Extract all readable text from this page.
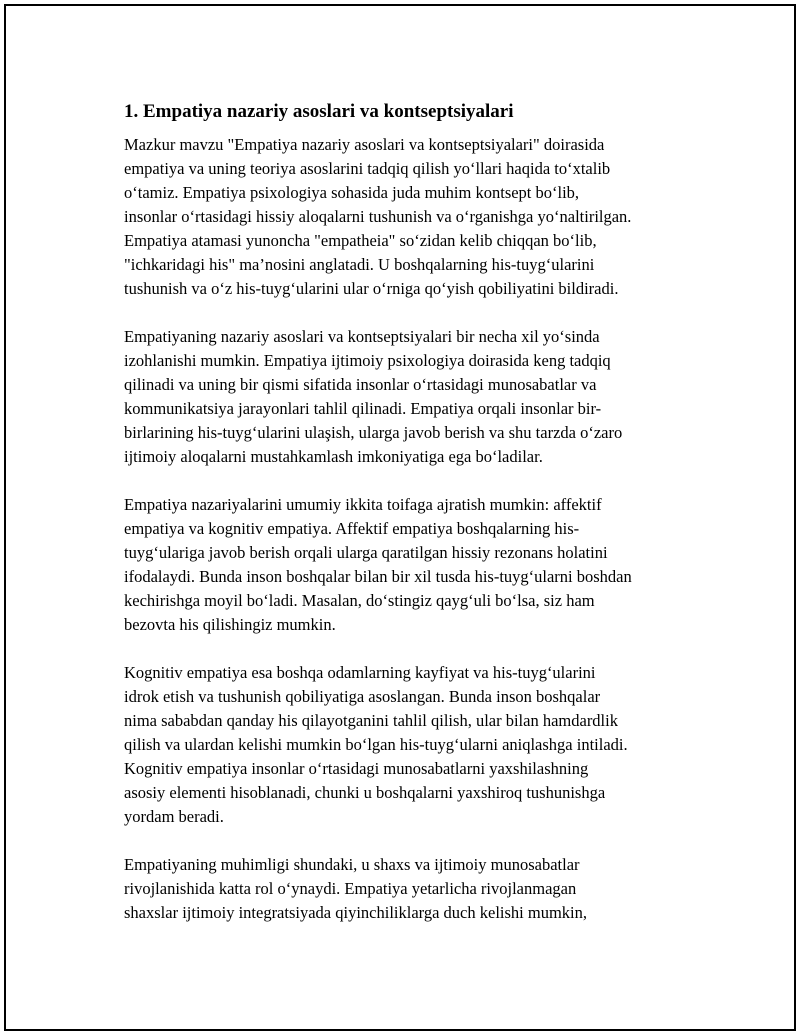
1. Empatiya nazariy asoslari va kontseptsiyalari

Mazkur mavzu "Empatiya nazariy asoslari va kontseptsiyalari" doirasida
empatiya va uning teoriya asoslarini tadqiq qilish yo‘llari haqida to‘xtalib
o‘tamiz. Empatiya psixologiya sohasida juda muhim kontsept bo‘lib,
insonlar o‘rtasidagi hissiy aloqalarni tushunish va o‘rganishga yo‘naltirilgan.
Empatiya atamasi yunoncha "empatheia" so‘zidan kelib chiqqan bo‘lib,
"ichkaridagi his" ma’nosini anglatadi. U boshqalarning his-tuyg‘ularini
tushunish va o‘z his-tuyg‘ularini ular o‘rniga qo‘yish qobiliyatini bildiradi.

Empatiyaning nazariy asoslari va kontseptsiyalari bir necha xil yo‘sinda
izohlanishi mumkin. Empatiya ijtimoiy psixologiya doirasida keng tadqiq
qilinadi va uning bir qismi sifatida insonlar o‘rtasidagi munosabatlar va
kommunikatsiya jarayonlari tahlil qilinadi. Empatiya orqali insonlar bir-
birlarining his-tuyg‘ularini ulaşish, ularga javob berish va shu tarzda o‘zaro
ijtimoiy aloqalarni mustahkamlash imkoniyatiga ega bo‘ladilar.

Empatiya nazariyalarini umumiy ikkita toifaga ajratish mumkin: affektif
empatiya va kognitiv empatiya. Affektif empatiya boshqalarning his-
tuyg‘ulariga javob berish orqali ularga qaratilgan hissiy rezonans holatini
ifodalaydi. Bunda inson boshqalar bilan bir xil tusda his-tuyg‘ularni boshdan
kechirishga moyil bo‘ladi. Masalan, do‘stingiz qayg‘uli bo‘lsa, siz ham
bezovta his qilishingiz mumkin.

Kognitiv empatiya esa boshqa odamlarning kayfiyat va his-tuyg‘ularini
idrok etish va tushunish qobiliyatiga asoslangan. Bunda inson boshqalar
nima sababdan qanday his qilayotganini tahlil qilish, ular bilan hamdardlik
qilish va ulardan kelishi mumkin bo‘lgan his-tuyg‘ularni aniqlashga intiladi.
Kognitiv empatiya insonlar o‘rtasidagi munosabatlarni yaxshilashning
asosiy elementi hisoblanadi, chunki u boshqalarni yaxshiroq tushunishga
yordam beradi.

Empatiyaning muhimligi shundaki, u shaxs va ijtimoiy munosabatlar
rivojlanishida katta rol o‘ynaydi. Empatiya yetarlicha rivojlanmagan
shaxslar ijtimoiy integratsiyada qiyinchiliklarga duch kelishi mumkin,
